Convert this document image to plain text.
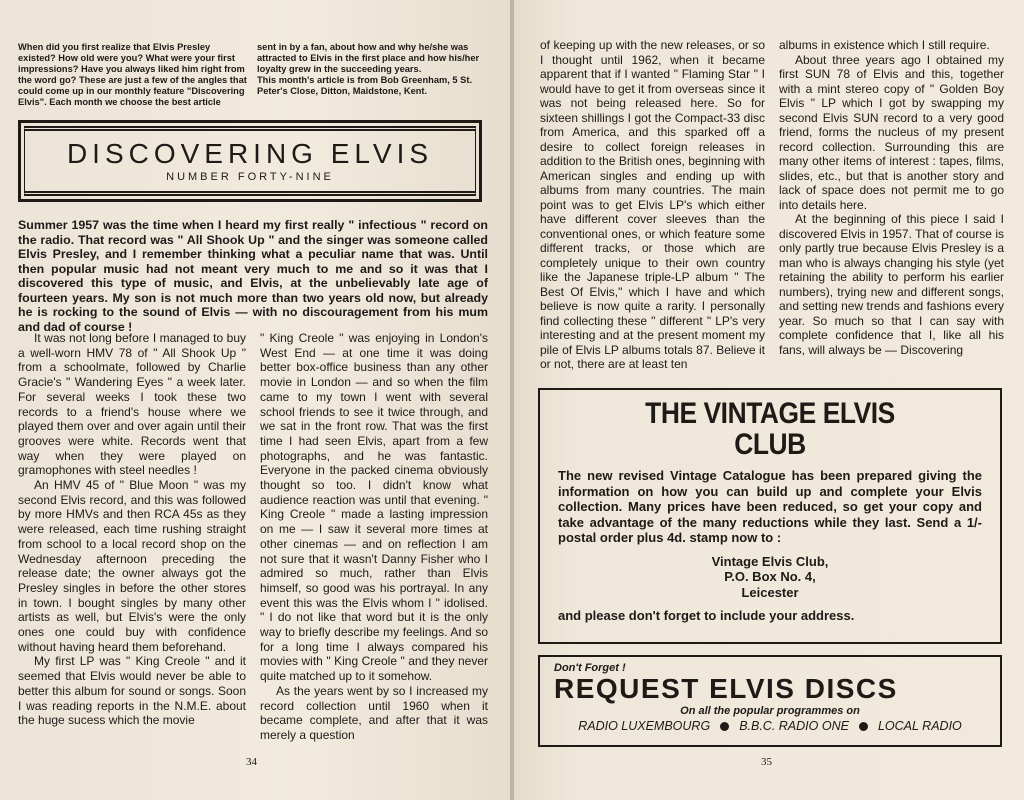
When did you first realize that Elvis Presley existed? How old were you? What were your first impressions? Have you always liked him right from the word go? These are just a few of the angles that could come up in our monthly feature "Discovering Elvis". Each month we choose the best article

sent in by a fan, about how and why he/she was attracted to Elvis in the first place and how his/her loyalty grew in the succeeding years.

This month's article is from Bob Greenham, 5 St. Peter's Close, Ditton, Maidstone, Kent.

DISCOVERING ELVIS
NUMBER FORTY-NINE

Summer 1957 was the time when I heard my first really " infectious " record on the radio. That record was " All Shook Up " and the singer was someone called Elvis Presley, and I remember thinking what a peculiar name that was. Until then popular music had not meant very much to me and so it was that I discovered this type of music, and Elvis, at the unbelievably late age of fourteen years. My son is not much more than two years old now, but already he is rocking to the sound of Elvis — with no discouragement from his mum and dad of course !

It was not long before I managed to buy a well-worn HMV 78 of " All Shook Up " from a schoolmate, followed by Charlie Gracie's " Wandering Eyes " a week later. For several weeks I took these two records to a friend's house where we played them over and over again until their grooves were white. Records went that way when they were played on gramophones with steel needles !

An HMV 45 of " Blue Moon " was my second Elvis record, and this was followed by more HMVs and then RCA 45s as they were released, each time rushing straight from school to a local record shop on the Wednesday afternoon preceding the release date; the owner always got the Presley singles in before the other stores in town. I bought singles by many other artists as well, but Elvis's were the only ones one could buy with confidence without having heard them beforehand.

My first LP was " King Creole " and it seemed that Elvis would never be able to better this album for sound or songs. Soon I was reading reports in the N.M.E. about the huge sucess which the movie

" King Creole " was enjoying in London's West End — at one time it was doing better box-office business than any other movie in London — and so when the film came to my town I went with several school friends to see it twice through, and we sat in the front row. That was the first time I had seen Elvis, apart from a few photographs, and he was fantastic. Everyone in the packed cinema obviously thought so too. I didn't know what audience reaction was until that evening. " King Creole " made a lasting impression on me — I saw it several more times at other cinemas — and on reflection I am not sure that it wasn't Danny Fisher who I admired so much, rather than Elvis himself, so good was his portrayal. In any event this was the Elvis whom I " idolised. " I do not like that word but it is the only way to briefly describe my feelings. And so for a long time I always compared his movies with " King Creole " and they never quite matched up to it somehow.

As the years went by so I increased my record collection until 1960 when it became complete, and after that it was merely a question

34	35

of keeping up with the new releases, or so I thought until 1962, when it became apparent that if I wanted " Flaming Star " I would have to get it from overseas since it was not being released here. So for sixteen shillings I got the Compact-33 disc from America, and this sparked off a desire to collect foreign releases in addition to the British ones, beginning with American singles and ending up with albums from many countries. The main point was to get Elvis LP's which either have different cover sleeves than the conventional ones, or which feature some different tracks, or those which are completely unique to their own country like the Japanese triple-LP album " The Best Of Elvis," which I have and which believe is now quite a rarity. I personally find collecting these " different " LP's very interesting and at the present moment my pile of Elvis LP albums totals 87. Believe it or not, there are at least ten

albums in existence which I still require.

About three years ago I obtained my first SUN 78 of Elvis and this, together with a mint stereo copy of " Golden Boy Elvis " LP which I got by swapping my second Elvis SUN record to a very good friend, forms the nucleus of my present record collection. Surrounding this are many other items of interest : tapes, films, slides, etc., but that is another story and lack of space does not permit me to go into details here.

At the beginning of this piece I said I discovered Elvis in 1957. That of course is only partly true because Elvis Presley is a man who is always changing his style (yet retaining the ability to perform his earlier numbers), trying new and different songs, and setting new trends and fashions every year. So much so that I can say with complete confidence that I, like all his fans, will always be — Discovering

THE VINTAGE ELVIS
CLUB

The new revised Vintage Catalogue has been prepared giving the information on how you can build up and complete your Elvis collection. Many prices have been reduced, so get your copy and take advantage of the many reductions while they last. Send a 1/- postal order plus 4d. stamp now to :

Vintage Elvis Club,
P.O. Box No. 4,
Leicester

and please don't forget to include your address.

Don't Forget !
REQUEST ELVIS DISCS
On all the popular programmes on
RADIO LUXEMBOURG B.B.C. RADIO ONE LOCAL RADIO
